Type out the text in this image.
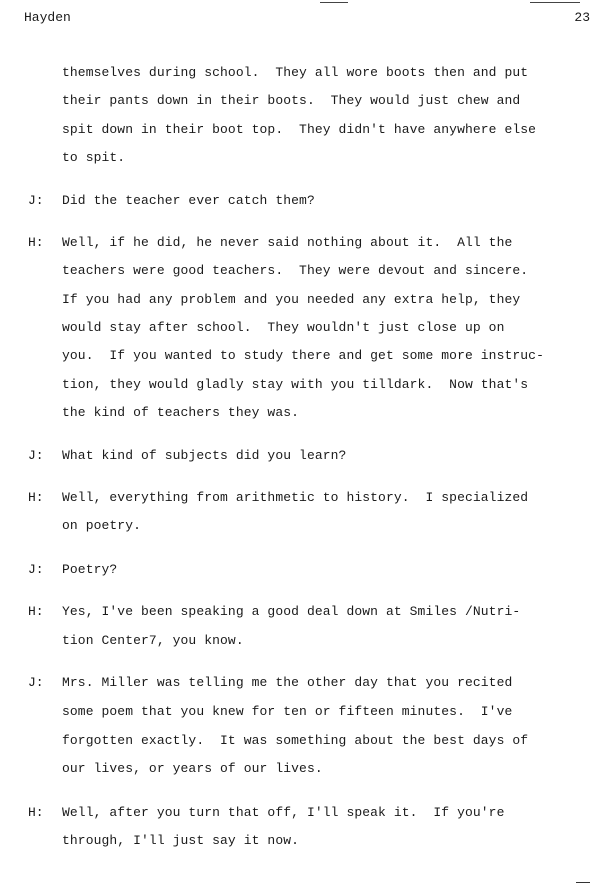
Hayden	23
themselves during school.  They all wore boots then and put
their pants down in their boots.  They would just chew and
spit down in their boot top.  They didn't have anywhere else
to spit.
J: Did the teacher ever catch them?
H: Well, if he did, he never said nothing about it.  All the
teachers were good teachers.  They were devout and sincere.
If you had any problem and you needed any extra help, they
would stay after school.  They wouldn't just close up on
you.  If you wanted to study there and get some more instruc-
tion, they would gladly stay with you tilldark.  Now that's
the kind of teachers they was.
J: What kind of subjects did you learn?
H: Well, everything from arithmetic to history.  I specialized
on poetry.
J: Poetry?
H: Yes, I've been speaking a good deal down at Smiles /Nutri-
tion Center7, you know.
J: Mrs. Miller was telling me the other day that you recited
some poem that you knew for ten or fifteen minutes.  I've
forgotten exactly.  It was something about the best days of
our lives, or years of our lives.
H: Well, after you turn that off, I'll speak it.  If you're
through, I'll just say it now.
